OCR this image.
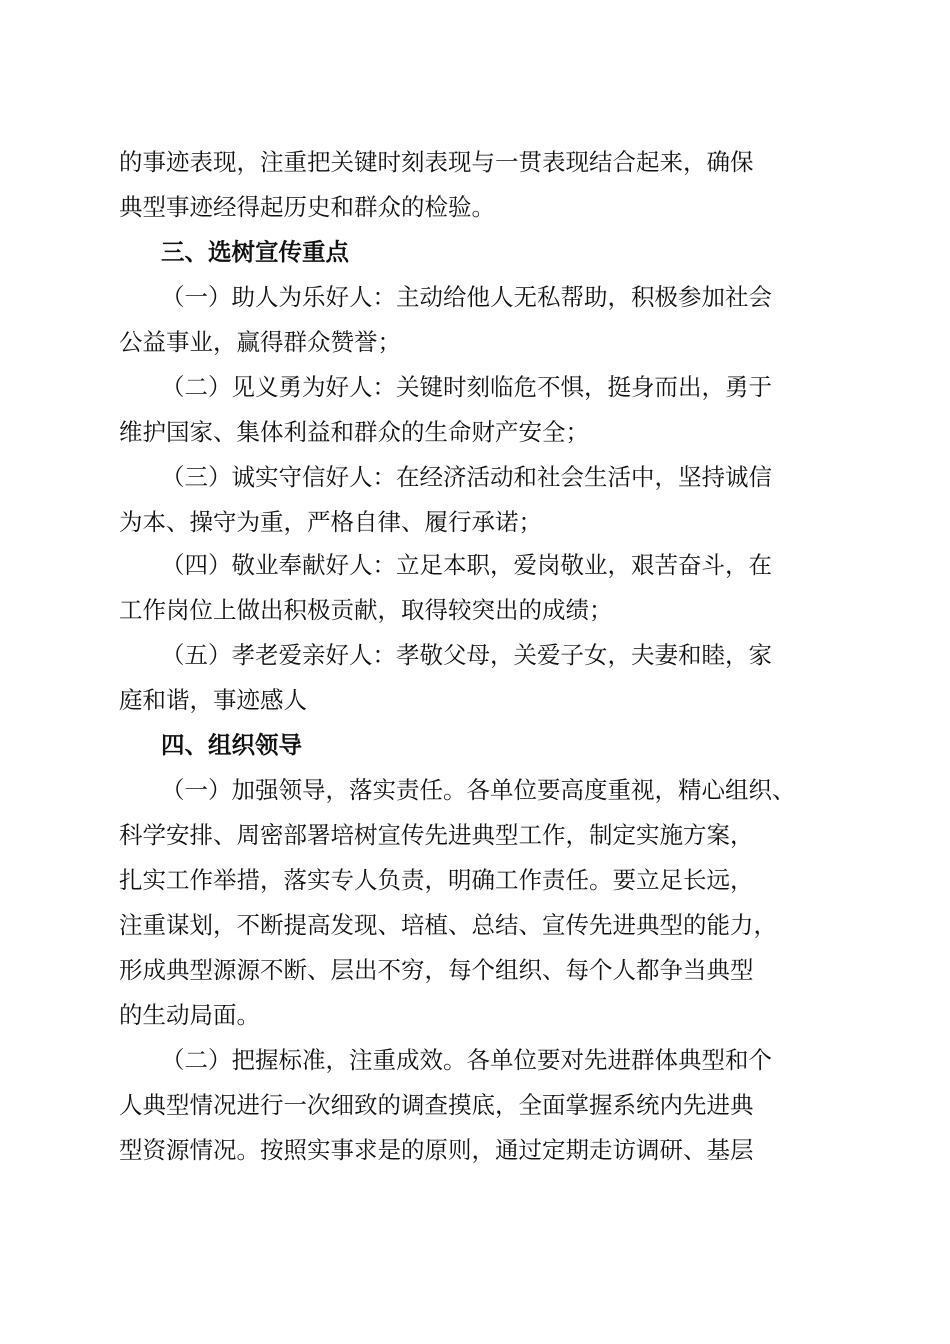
的事迹表现，注重把关键时刻表现与一贯表现结合起来，确保
典型事迹经得起历史和群众的检验。
三、选树宣传重点
（一）助人为乐好人：主动给他人无私帮助，积极参加社会
公益事业，赢得群众赞誉；
（二）见义勇为好人：关键时刻临危不惧，挺身而出，勇于
维护国家、集体利益和群众的生命财产安全；
（三）诚实守信好人：在经济活动和社会生活中，坚持诚信
为本、操守为重，严格自律、履行承诺；
（四）敬业奉献好人：立足本职，爱岗敬业，艰苦奋斗，在
工作岗位上做出积极贡献，取得较突出的成绩；
（五）孝老爱亲好人：孝敬父母，关爱子女，夫妻和睦，家
庭和谐，事迹感人
四、组织领导
（一）加强领导，落实责任。各单位要高度重视，精心组织、
科学安排、周密部署培树宣传先进典型工作，制定实施方案，
扎实工作举措，落实专人负责，明确工作责任。要立足长远，
注重谋划，不断提高发现、培植、总结、宣传先进典型的能力，
形成典型源源不断、层出不穷，每个组织、每个人都争当典型
的生动局面。
（二）把握标准，注重成效。各单位要对先进群体典型和个
人典型情况进行一次细致的调查摸底，全面掌握系统内先进典
型资源情况。按照实事求是的原则，通过定期走访调研、基层
